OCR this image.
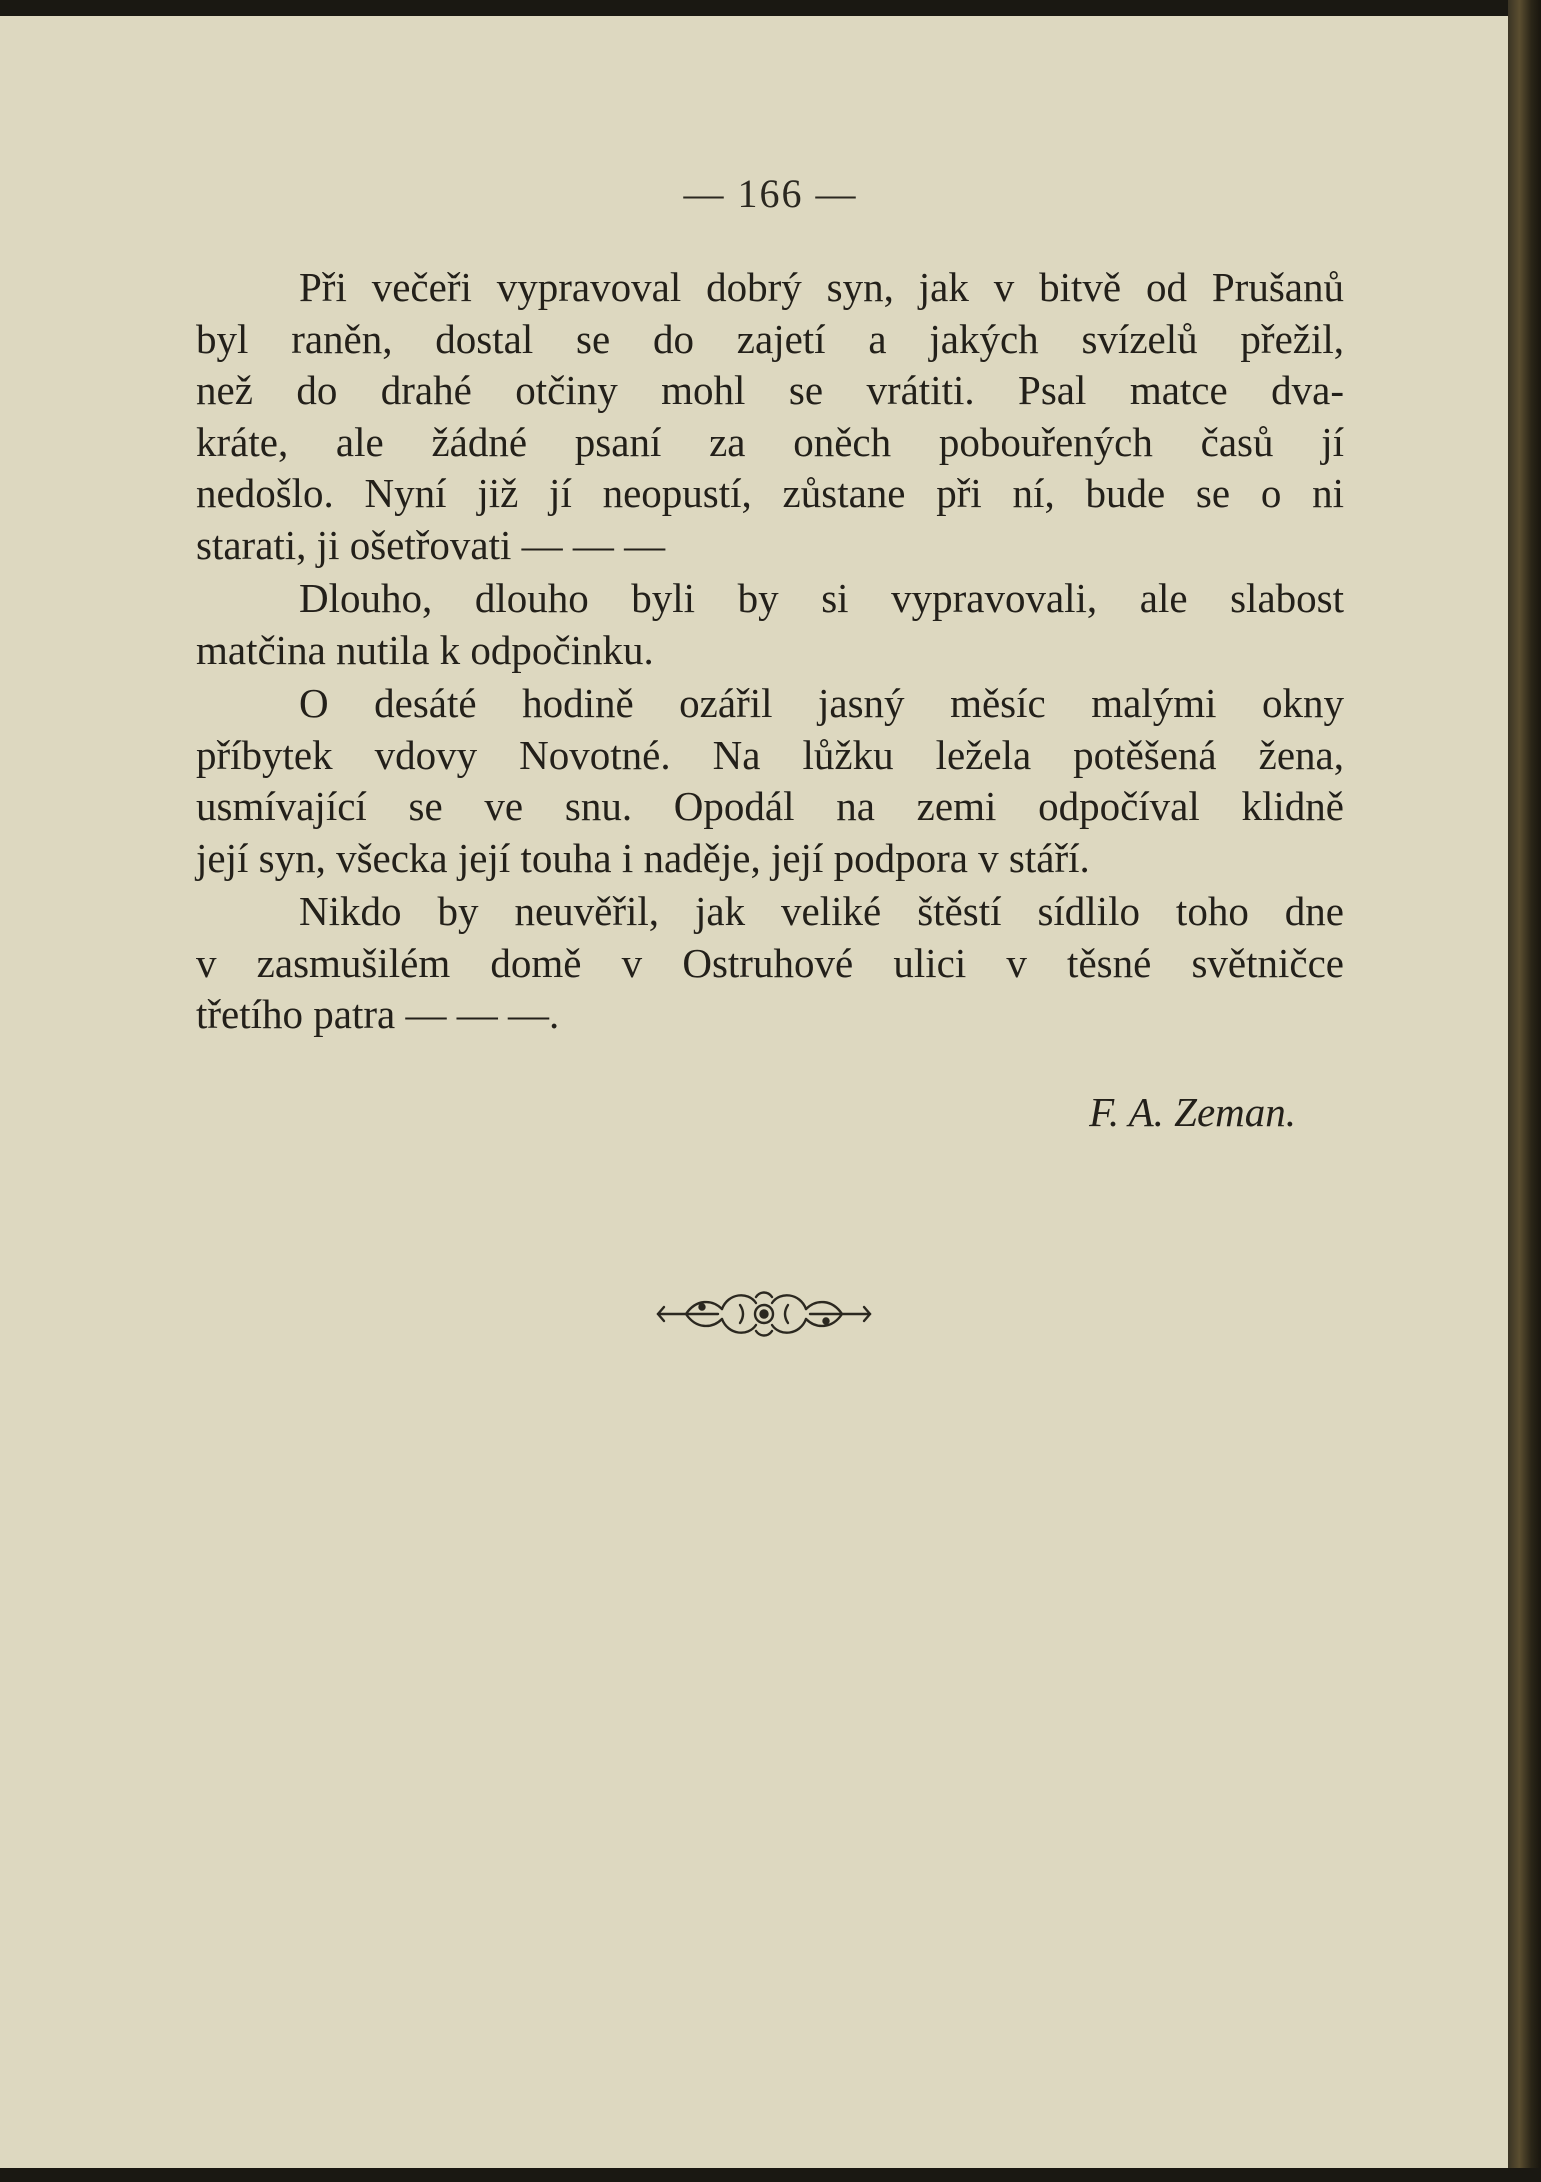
— 166 —

Při večeři vypravoval dobrý syn, jak v bitvě od Prušanů
byl raněn, dostal se do zajetí a jakých svízelů přežil,
než do drahé otčiny mohl se vrátiti. Psal matce dva-
kráte, ale žádné psaní za oněch pobouřených časů jí
nedošlo. Nyní již jí neopustí, zůstane při ní, bude se o ni
starati, ji ošetřovati — — —

Dlouho, dlouho byli by si vypravovali, ale slabost
matčina nutila k odpočinku.

O desáté hodině ozářil jasný měsíc malými okny
příbytek vdovy Novotné. Na lůžku ležela potěšená žena,
usmívající se ve snu. Opodál na zemi odpočíval klidně
její syn, všecka její touha i naděje, její podpora v stáří.

Nikdo by neuvěřil, jak veliké štěstí sídlilo toho dne
v zasmušilém domě v Ostruhové ulici v těsné světničce
třetího patra — — —.

F. A. Zeman.
